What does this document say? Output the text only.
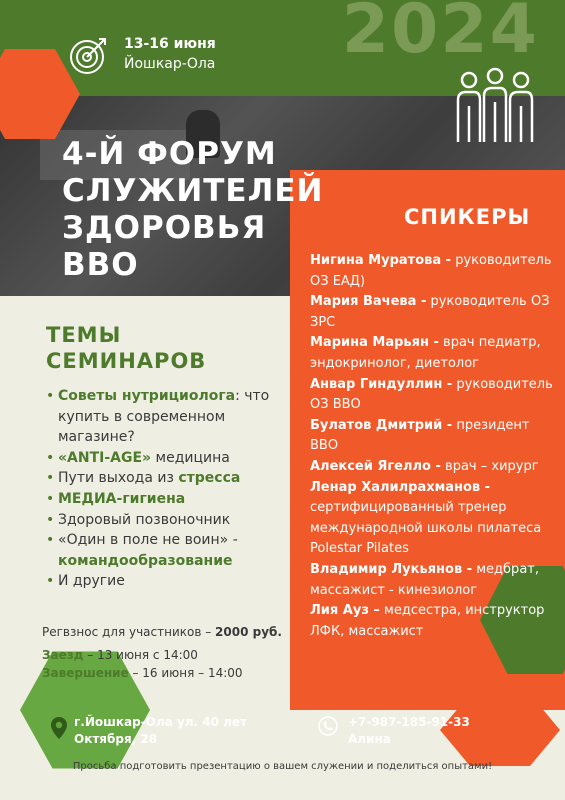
2024
13-16 июня
Йошкар-Ола
4-Й ФОРУМ
СЛУЖИТЕЛЕЙ
ЗДОРОВЬЯ
ВВО
СПИКЕРЫ
Нигина Муратова - руководитель ОЗ ЕАД)
Мария Вачева - руководитель ОЗ ЗРС
Марина Марьян - врач педиатр, эндокринолог, диетолог
Анвар Гиндуллин - руководитель ОЗ ВВО
Булатов Дмитрий - президент ВВО
Алексей Ягелло - врач – хирург
Ленар Халилрахманов - сертифицированный тренер международной школы пилатеса Polestar Pilates
Владимир Лукьянов - медбрат, массажист - кинезиолог
Лия Ауз – медсестра, инструктор ЛФК, массажист
ТЕМЫ
СЕМИНАРОВ
• Советы нутрициолога: что купить в современном магазине?
• «ANTI-AGE» медицина
• Пути выхода из стресса
• МЕДИА-гигиена
• Здоровый позвоночник
• «Один в поле не воин» - командообразование
• И другие
Регвзнос для участников – 2000 руб.
Заезд – 13 июня с 14:00
Завершение – 16 июня – 14:00
г.Йошкар-Ола ул. 40 лет
Октября, 28
+7-987-185-91-33
Алина
Просьба подготовить презентацию о вашем служении и поделиться опытами!
